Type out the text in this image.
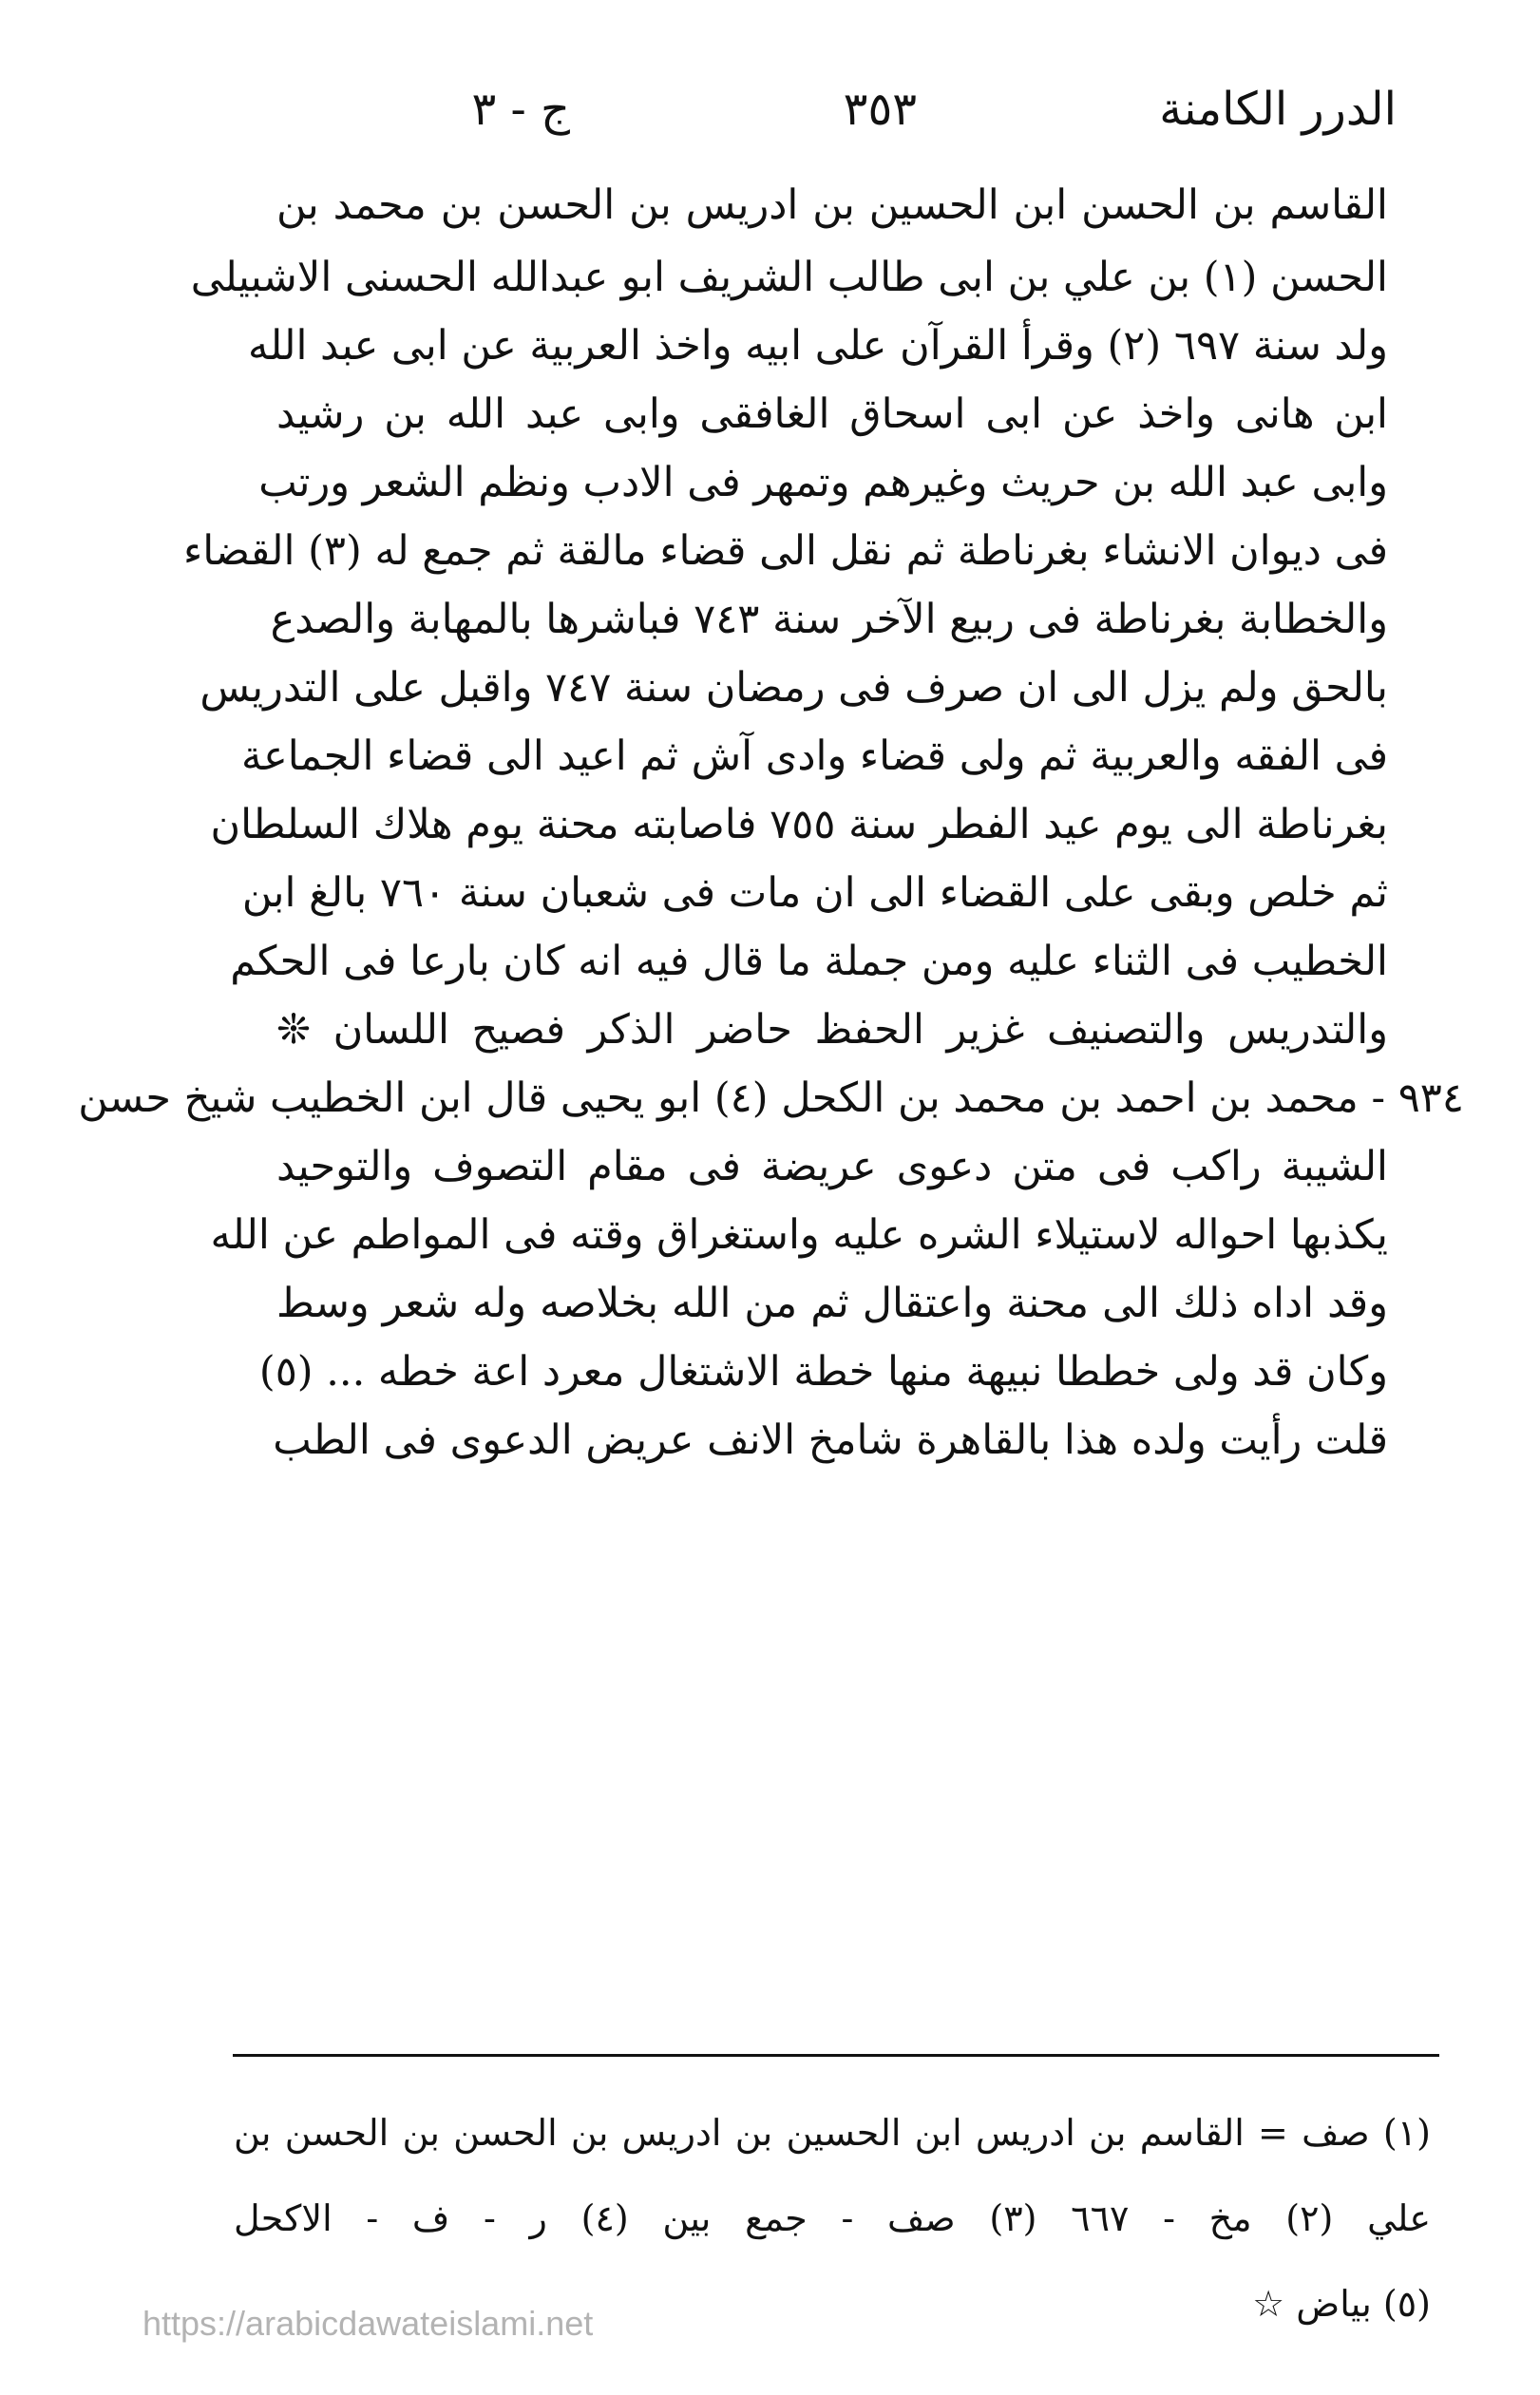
الدرر الكامنة
٣٥٣
ج - ٣
القاسم بن الحسن ابن الحسين بن ادريس بن الحسن بن محمد بن
الحسن (١) بن علي بن ابى طالب الشريف ابو عبدالله الحسنى الاشبيلى
ولد سنة ٦٩٧ (٢) وقرأ القرآن على ابيه واخذ العربية عن ابى عبد الله
ابن هانى واخذ عن ابى اسحاق الغافقى وابى عبد الله بن رشيد
وابى عبد الله بن حريث وغيرهم وتمهر فى الادب ونظم الشعر ورتب
فى ديوان الانشاء بغرناطة ثم نقل الى قضاء مالقة ثم جمع له (٣) القضاء
والخطابة بغرناطة فى ربيع الآخر سنة ٧٤٣ فباشرها بالمهابة والصدع
بالحق ولم يزل الى ان صرف فى رمضان سنة ٧٤٧ واقبل على التدريس
فى الفقه والعربية ثم ولى قضاء وادى آش ثم اعيد الى قضاء الجماعة
بغرناطة الى يوم عيد الفطر سنة ٧٥٥ فاصابته محنة يوم هلاك السلطان
ثم خلص وبقى على القضاء الى ان مات فى شعبان سنة ٧٦٠ بالغ ابن
الخطيب فى الثناء عليه ومن جملة ما قال فيه انه كان بارعا فى الحكم
والتدريس والتصنيف غزير الحفظ حاضر الذكر فصيح اللسان ❊
٩٣٤ - محمد بن احمد بن محمد بن الكحل (٤) ابو يحيى قال ابن الخطيب شيخ حسن
الشيبة راكب فى متن دعوى عريضة فى مقام التصوف والتوحيد
يكذبها احواله لاستيلاء الشره عليه واستغراق وقته فى المواطم عن الله
وقد اداه ذلك الى محنة واعتقال ثم من الله بخلاصه وله شعر وسط
وكان قد ولى خططا نبيهة منها خطة الاشتغال معرد اعة خطه ... (٥)
قلت رأيت ولده هذا بالقاهرة شامخ الانف عريض الدعوى فى الطب
(١) صف = القاسم بن ادريس ابن الحسين بن ادريس بن الحسن بن الحسن بن
علي (٢) مخ - ٦٦٧ (٣) صف - جمع بين (٤) ر - ف - الاكحل
(٥) بياض ☆
https://arabicdawateislami.net
